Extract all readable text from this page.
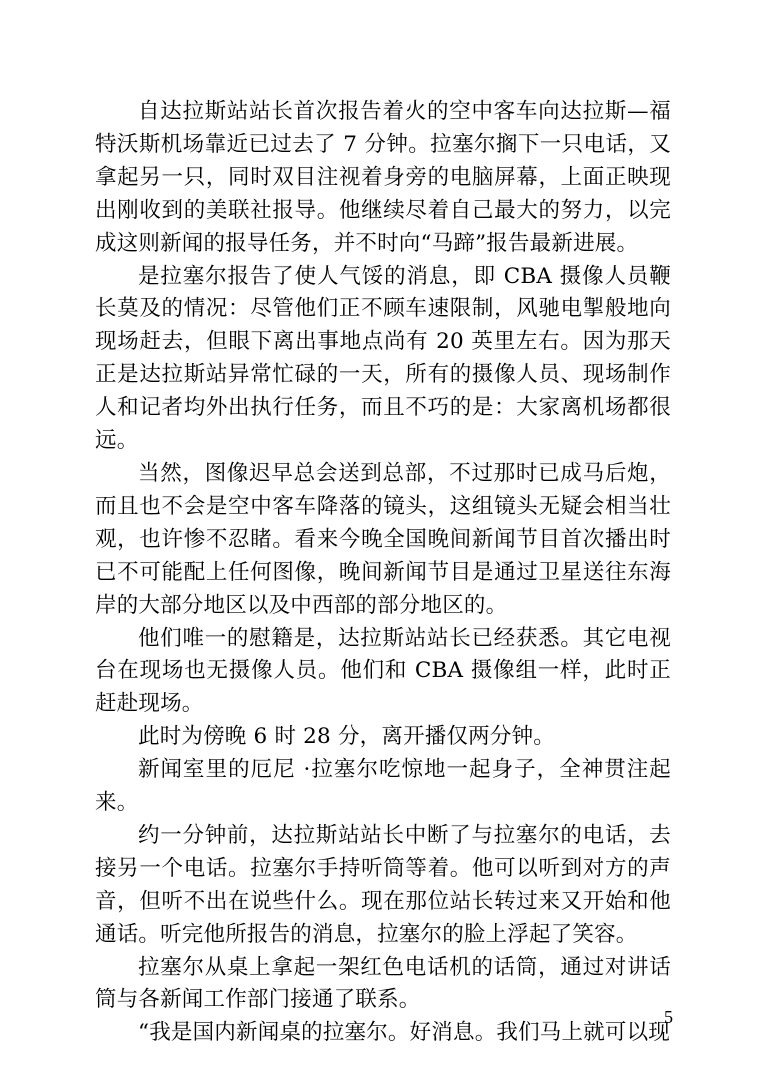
自达拉斯站站长首次报告着火的空中客车向达拉斯—福特沃斯机场靠近已过去了 7 分钟。拉塞尔搁下一只电话，又拿起另一只，同时双目注视着身旁的电脑屏幕，上面正映现出刚收到的美联社报导。他继续尽着自己最大的努力，以完成这则新闻的报导任务，并不时向“马蹄”报告最新进展。

是拉塞尔报告了使人气馁的消息，即 CBA 摄像人员鞭长莫及的情况：尽管他们正不顾车速限制，风驰电掣般地向现场赶去，但眼下离出事地点尚有 20 英里左右。因为那天正是达拉斯站异常忙碌的一天，所有的摄像人员、现场制作人和记者均外出执行任务，而且不巧的是：大家离机场都很远。

当然，图像迟早总会送到总部，不过那时已成马后炮，而且也不会是空中客车降落的镜头，这组镜头无疑会相当壮观，也许惨不忍睹。看来今晚全国晚间新闻节目首次播出时已不可能配上任何图像，晚间新闻节目是通过卫星送往东海岸的大部分地区以及中西部的部分地区的。

他们唯一的慰籍是，达拉斯站站长已经获悉。其它电视台在现场也无摄像人员。他们和 CBA 摄像组一样，此时正赶赴现场。

此时为傍晚 6 时 28 分，离开播仅两分钟。

新闻室里的厄尼 ·拉塞尔吃惊地一起身子，全神贯注起来。

约一分钟前，达拉斯站站长中断了与拉塞尔的电话，去接另一个电话。拉塞尔手持听筒等着。他可以听到对方的声音，但听不出在说些什么。现在那位站长转过来又开始和他通话。听完他所报告的消息，拉塞尔的脸上浮起了笑容。

拉塞尔从桌上拿起一架红色电话机的话筒，通过对讲话筒与各新闻工作部门接通了联系。

“我是国内新闻桌的拉塞尔。好消息。我们马上就可以现

5
